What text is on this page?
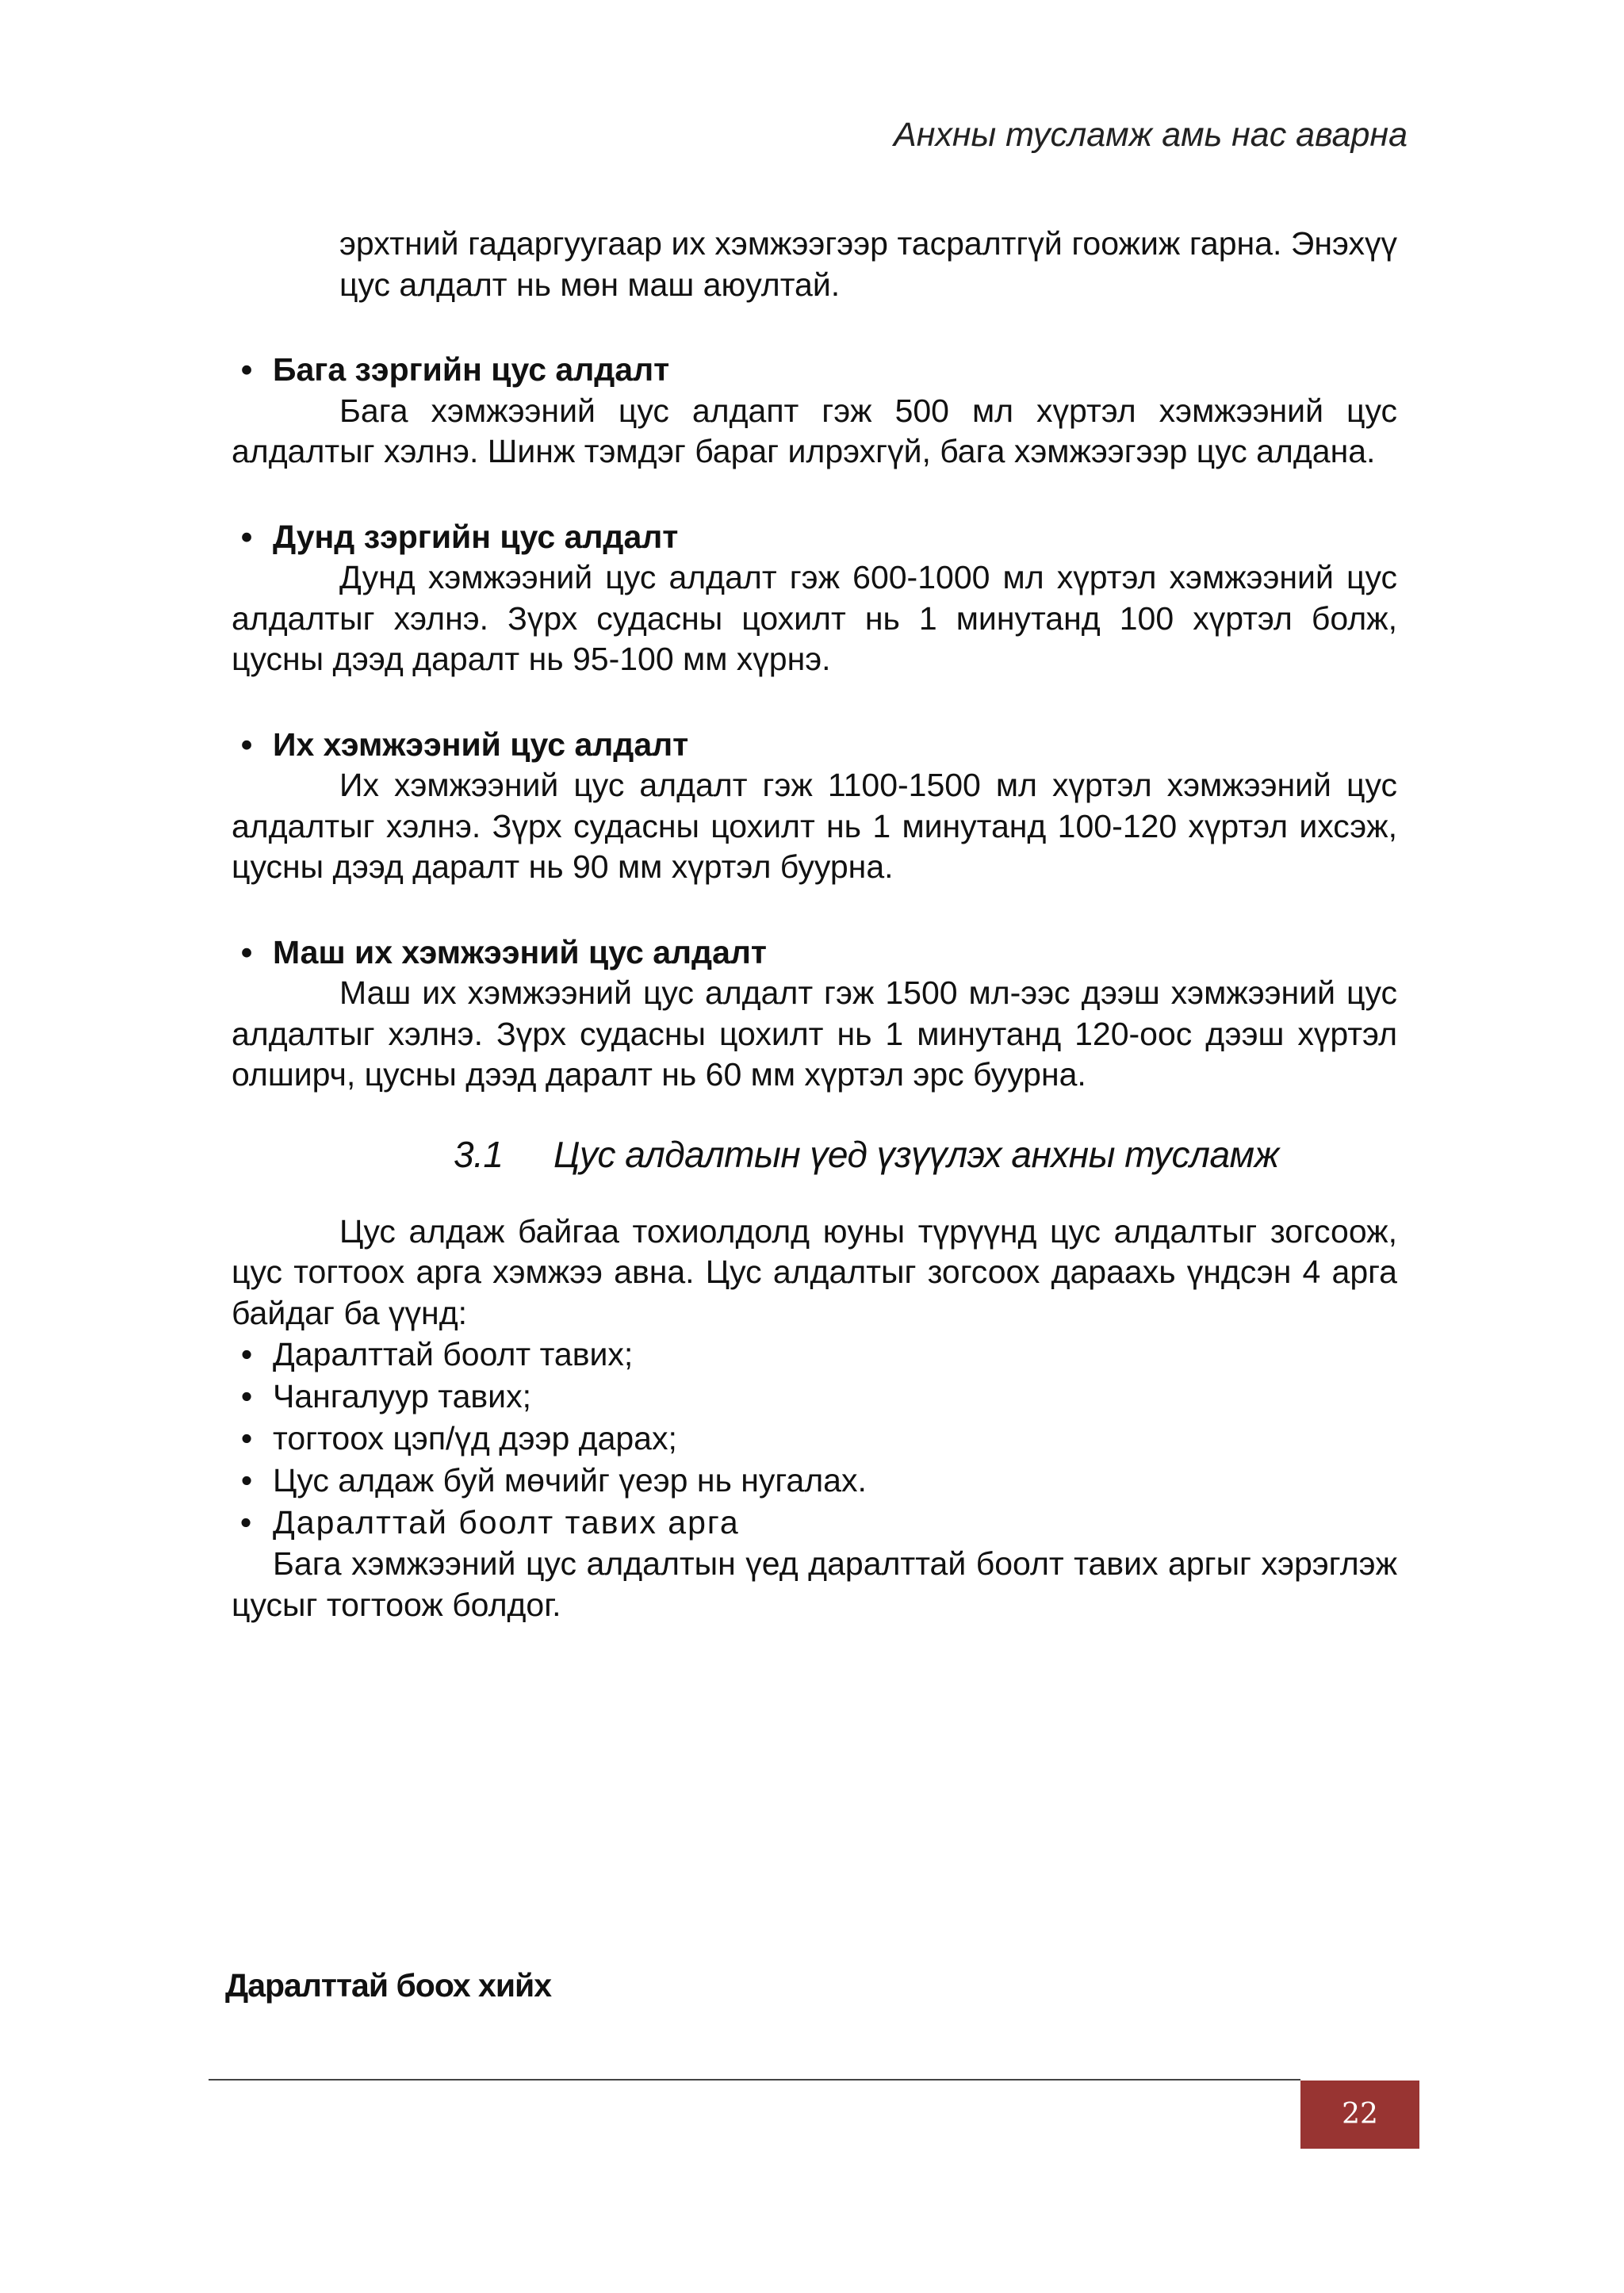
Анхны тусламж амь нас аварна

эрхтний гадаргуугаар их хэмжээгээр тасралтгүй гоожиж гарна. Энэхүү цус алдалт нь мөн маш аюултай.

• Бага зэргийн цус алдалт

Бага хэмжээний цус алдапт гэж 500 мл хүртэл хэмжээний цус алдалтыг хэлнэ. Шинж тэмдэг бараг илрэхгүй, бага хэмжээгээр цус алдана.

• Дунд зэргийн цус алдалт

Дунд хэмжээний цус алдалт гэж 600-1000 мл хүртэл хэмжээний цус алдалтыг хэлнэ. Зүрх судасны цохилт нь 1 минутанд 100 хүртэл болж, цусны дээд даралт нь 95-100 мм хүрнэ.

• Их хэмжээний цус алдалт

Их хэмжээний цус алдалт гэж 1100-1500 мл хүртэл хэмжээний цус алдалтыг хэлнэ. Зүрх судасны цохилт нь 1 минутанд 100-120 хүртэл ихсэж, цусны дээд даралт нь 90 мм хүртэл буурна.

• Маш их хэмжээний цус алдалт

Маш их хэмжээний цус алдалт гэж 1500 мл-ээс дээш хэмжээний цус алдалтыг хэлнэ. Зүрх судасны цохилт нь 1 минутанд 120-оос дээш хүртэл олширч, цусны дээд даралт нь 60 мм хүртэл эрс буурна.

3.1 Цус алдалтын үед үзүүлэх анхны тусламж

Цус алдаж байгаа тохиолдолд юуны түрүүнд цус алдалтыг зогсоож, цус тогтоох арга хэмжээ авна. Цус алдалтыг зогсоох дараахь үндсэн 4 арга байдаг ба үүнд:

• Даралттай боолт тавих;
• Чангалуур тавих;
• тогтоох цэп/үд дээр дарах;
• Цус алдаж буй мөчийг үеэр нь нугалах.
• Даралттай боолт тавих арга

Бага хэмжээний цус алдалтын үед даралттай боолт тавих аргыг хэрэглэж цусыг тогтоож болдог.

Даралттай боох хийх
22
